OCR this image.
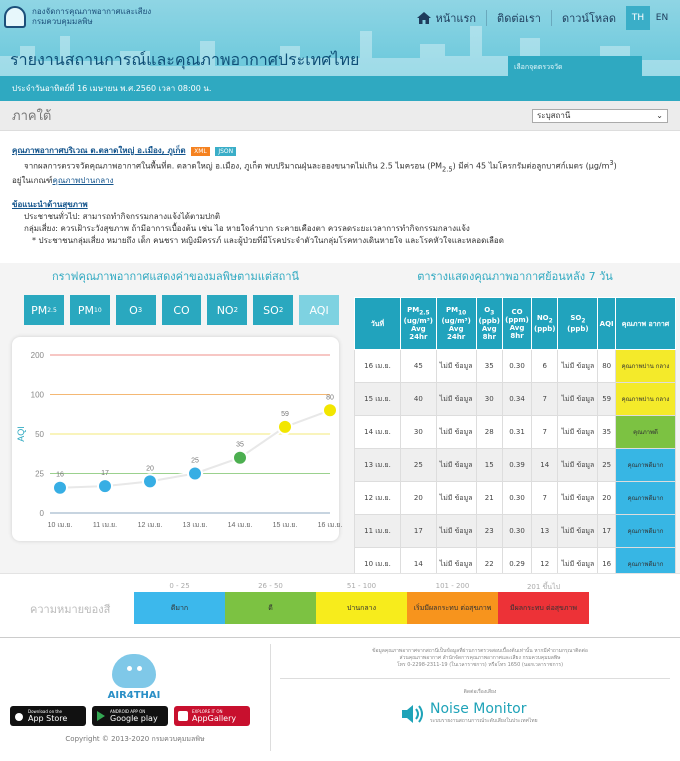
กองจัดการคุณภาพอากาศและเสียง
กรมควบคุมมลพิษ	หน้าแรก ติดต่อเรา ดาวน์โหลด	TH	EN
รายงานสถานการณ์และคุณภาพอากาศประเทศไทย	เลือกจุดตรวจวัด
ประจำวันอาทิตย์ที่ 16 เมษายน พ.ศ.2560 เวลา 08:00 น.
ภาคใต้	ระบุสถานี	⌄
คุณภาพอากาศบริเวณ ต.ตลาดใหญ่ อ.เมือง, ภูเก็ต XML JSON
จากผลการตรวจวัดคุณภาพอากาศในพื้นที่ต. ตลาดใหญ่ อ.เมือง, ภูเก็ต พบปริมาณฝุ่นละอองขนาดไม่เกิน 2.5 ไมครอน $(PM_{2.5})$ มีค่า 45 ไมโครกรัมต่อลูกบาศก์เมตร $(\mu g/m^3)$
อยู่ในเกณฑ์คุณภาพปานกลาง
ข้อแนะนำด้านสุขภาพ
ประชาชนทั่วไป: สามารถทำกิจกรรมกลางแจ้งได้ตามปกติ
กลุ่มเสี่ยง: ควรเฝ้าระวังสุขภาพ ถ้ามีอาการเบื้องต้น เช่น ไอ หายใจลำบาก ระคายเคืองตา ควรลดระยะเวลาการทำกิจกรรมกลางแจ้ง
* ประชาชนกลุ่มเสี่ยง หมายถึง เด็ก คนชรา หญิงมีครรภ์ และผู้ป่วยที่มีโรคประจำตัวในกลุ่มโรคทางเดินหายใจ และโรคหัวใจและหลอดเลือด
กราฟคุณภาพอากาศแสดงค่าของมลพิษตามแต่สถานี
PM 2.5 PM 10 O 3	CO NO 2 SO 2 AQI
0
25
50
100
200
AQI
10 เม.ย.	11 เม.ย.	12 เม.ย.	13 เม.ย.	14 เม.ย.	15 เม.ย.	16 เม.ย.
16	17
20
25
35
59
80
ตารางแสดงคุณภาพอากาศย้อนหลัง 7 วัน
วันที่	$PM_{2.5}$
(ug/m³)
Avg
24hr	$PM_{10}$
(ug/m³)
Avg
24hr	$O_3$
(ppb)
Avg
8hr	CO
(ppm)
Avg
8hr	$NO_2$
(ppb)	$SO_2$
(ppb)	AQI	คุณภาพ อากาศ
16 เม.ย.	45	ไม่มี ข้อมูล	35	0.30	6	ไม่มี ข้อมูล	80	คุณภาพปาน กลาง
15 เม.ย.	40	ไม่มี ข้อมูล	30	0.34	7	ไม่มี ข้อมูล	59	คุณภาพปาน กลาง
14 เม.ย.	30	ไม่มี ข้อมูล	28	0.31	7	ไม่มี ข้อมูล	35	คุณภาพดี
13 เม.ย.	25	ไม่มี ข้อมูล	15	0.39	14	ไม่มี ข้อมูล	25	คุณภาพดีมาก
12 เม.ย.	20	ไม่มี ข้อมูล	21	0.30	7	ไม่มี ข้อมูล	20	คุณภาพดีมาก
11 เม.ย.	17	ไม่มี ข้อมูล	23	0.30	13	ไม่มี ข้อมูล	17	คุณภาพดีมาก
10 เม.ย.	14	ไม่มี ข้อมูล	22	0.29	12	ไม่มี ข้อมูล	16	คุณภาพดีมาก
ความหมายของสี
0 - 25
ดีมาก
26 - 50
ดี
51 - 100
ปานกลาง
101 - 200
เริ่มมีผลกระทบ ต่อสุขภาพ
201 ขึ้นไป
มีผลกระทบ ต่อสุขภาพ
AIR4THAI
Download on the
App Store
ANDROID APP ON
Google play
EXPLORE IT ON
AppGallery
Copyright © 2013-2020 กรมควบคุมมลพิษ
ข้อมูลคุณภาพอากาศจากสถานีเป็นข้อมูลที่ผ่านการตรวจสอบเบื้องต้นเท่านั้น หากมีคำถามกรุณาติดต่อ
ส่วนคุณภาพอากาศ สำนักจัดการคุณภาพอากาศและเสียง กรมควบคุมมลพิษ
โทร 0-2298-2311-19 (ในเวลาราชการ) หรือโทร 1650 (นอกเวลาราชการ)
ติดต่อเรื่องเสียง
Noise Monitor
ระบบรายงานสถานการณ์ระดับเสียงในประเทศไทย
